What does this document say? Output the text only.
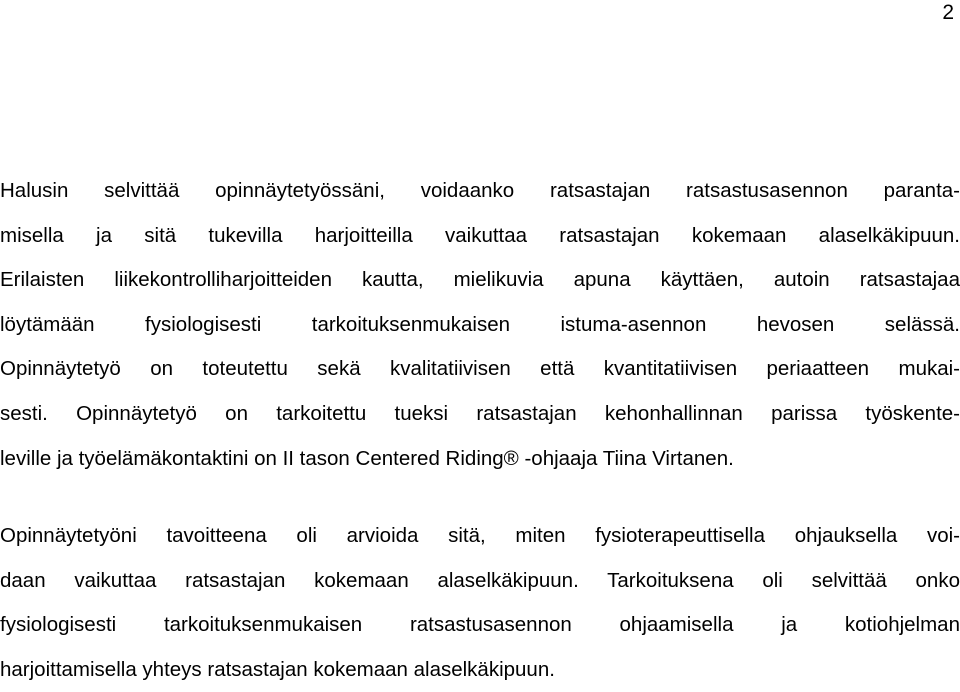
2
Halusin selvittää opinnäytetyössäni, voidaanko ratsastajan ratsastusasennon paranta-
misella ja sitä tukevilla harjoitteilla vaikuttaa ratsastajan kokemaan alaselkäkipuun.
Erilaisten liikekontrolliharjoitteiden kautta, mielikuvia apuna käyttäen, autoin ratsastajaa
löytämään fysiologisesti tarkoituksenmukaisen istuma-asennon hevosen selässä.
Opinnäytetyö on toteutettu sekä kvalitatiivisen että kvantitatiivisen periaatteen mukai-
sesti. Opinnäytetyö on tarkoitettu tueksi ratsastajan kehonhallinnan parissa työskente-
leville ja työelämäkontaktini on II tason Centered Riding® -ohjaaja Tiina Virtanen.
Opinnäytetyöni tavoitteena oli arvioida sitä, miten fysioterapeuttisella ohjauksella voi-
daan vaikuttaa ratsastajan kokemaan alaselkäkipuun. Tarkoituksena oli selvittää onko
fysiologisesti tarkoituksenmukaisen ratsastusasennon ohjaamisella ja kotiohjelman
harjoittamisella yhteys ratsastajan kokemaan alaselkäkipuun.
